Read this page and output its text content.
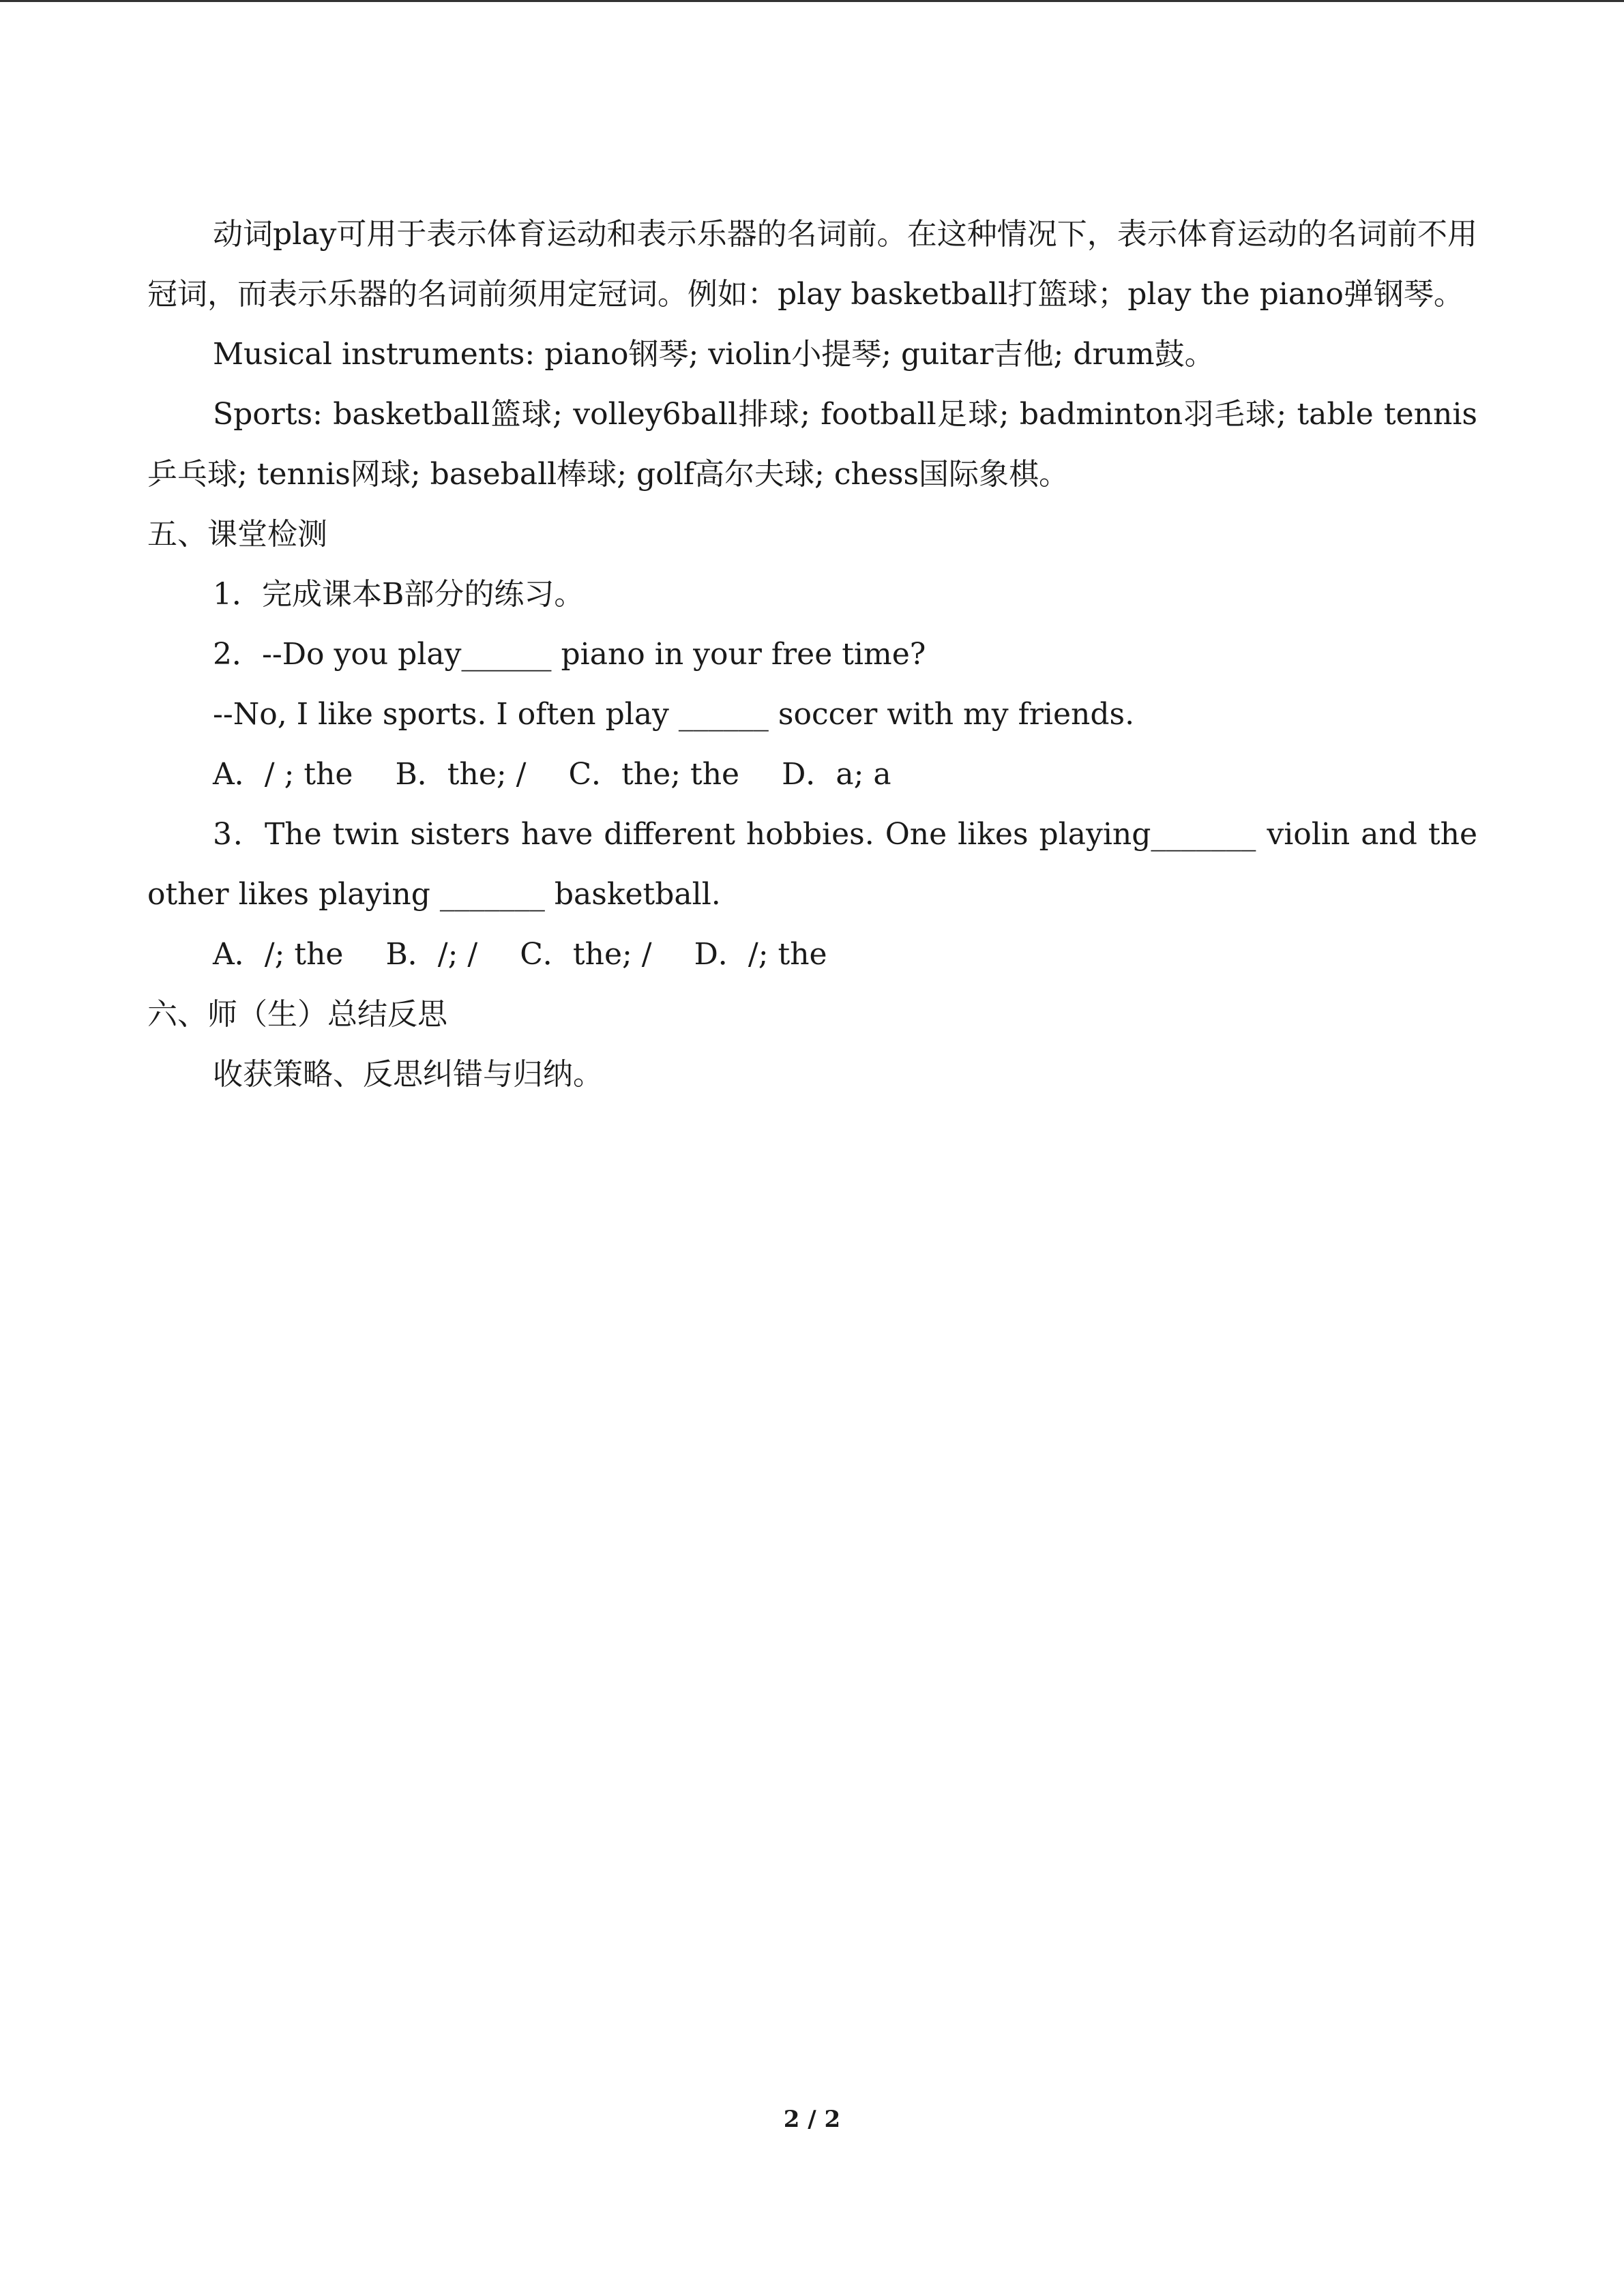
动词play可用于表示体育运动和表示乐器的名词前。在这种情况下，表示体育运动的名词前不用冠词，而表示乐器的名词前须用定冠词。例如：play basketball打篮球；play the piano弹钢琴。

Musical instruments: piano钢琴; violin小提琴; guitar吉他; drum鼓。

Sports: basketball篮球; volley6ball排球; football足球; badminton羽毛球; table tennis乒乓球; tennis网球; baseball棒球; golf高尔夫球; chess国际象棋。

五、课堂检测

1．完成课本B部分的练习。

2．--Do you play______ piano in your free time?

--No, I like sports. I often play ______ soccer with my friends.

A．/ ; the B．the; / C．the; the D．a; a

3．The twin sisters have different hobbies. One likes playing_______ violin and the other likes playing _______ basketball.

A．/; the B．/; / C．the; / D．/; the

六、师（生）总结反思

收获策略、反思纠错与归纳。

2 / 2
